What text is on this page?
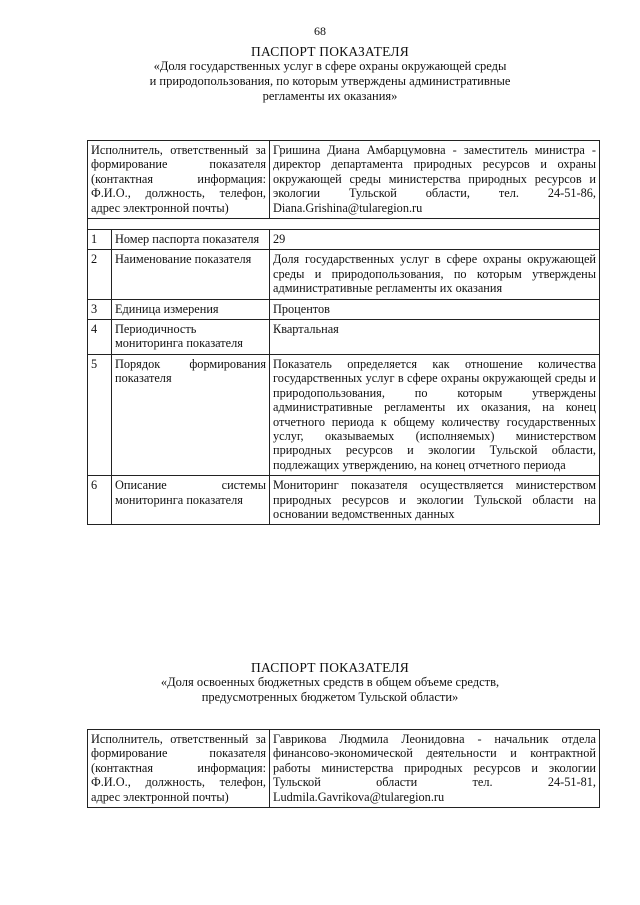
68
ПАСПОРТ ПОКАЗАТЕЛЯ
«Доля государственных услуг в сфере охраны окружающей среды
и природопользования, по которым утверждены административные
регламенты их оказания»
Исполнитель, ответственный за формирование показателя (контактная информация: Ф.И.О., должность, телефон, адрес электронной почты)		Гришина Диана Амбарцумовна - заместитель министра - директор департамента природных ресурсов и охраны окружающей среды министерства природных ресурсов и экологии Тульской области, тел. 24-51-86, Diana.Grishina@tularegion.ru

1	Номер паспорта показателя	29
2	Наименование показателя	Доля государственных услуг в сфере охраны окружающей среды и природопользования, по которым утверждены административные регламенты их оказания
3	Единица измерения	Процентов
4	Периодичность мониторинга показателя	Квартальная
5	Порядок формирования показателя	Показатель определяется как отношение количества государственных услуг в сфере охраны окружающей среды и природопользования, по которым утверждены административные регламенты их оказания, на конец отчетного периода к общему количеству государственных услуг, оказываемых (исполняемых) министерством природных ресурсов и экологии Тульской области, подлежащих утверждению, на конец отчетного периода
6	Описание системы мониторинга показателя	Мониторинг показателя осуществляется министерством природных ресурсов и экологии Тульской области на основании ведомственных данных
ПАСПОРТ ПОКАЗАТЕЛЯ
«Доля освоенных бюджетных средств в общем объеме средств,
предусмотренных бюджетом Тульской области»
Исполнитель, ответственный за формирование показателя (контактная информация: Ф.И.О., должность, телефон, адрес электронной почты)	Гаврикова Людмила Леонидовна - начальник отдела финансово-экономической деятельности и контрактной работы министерства природных ресурсов и экологии Тульской области тел. 24-51-81, Ludmila.Gavrikova@tularegion.ru
